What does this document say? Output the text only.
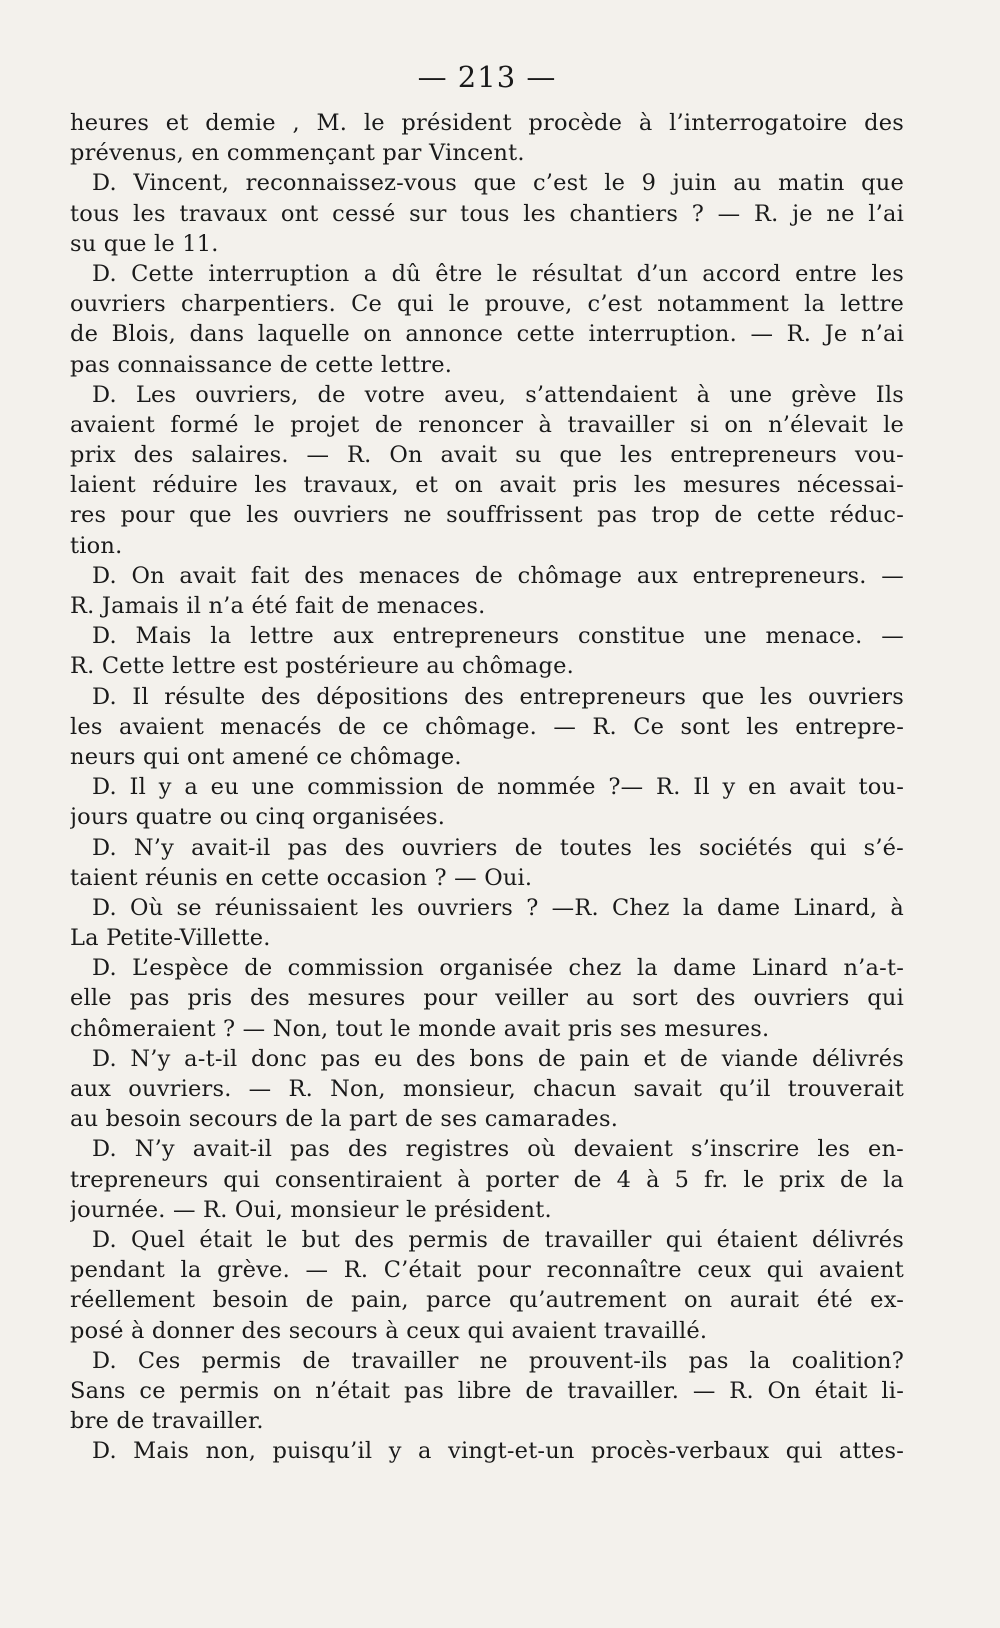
— 213 —
heures et demie , M. le président procède à l’interrogatoire des
prévenus, en commençant par Vincent.
D. Vincent, reconnaissez-vous que c’est le 9 juin au matin que
tous les travaux ont cessé sur tous les chantiers ? — R. je ne l’ai
su que le 11.
D. Cette interruption a dû être le résultat d’un accord entre les
ouvriers charpentiers. Ce qui le prouve, c’est notamment la lettre
de Blois, dans laquelle on annonce cette interruption. — R. Je n’ai
pas connaissance de cette lettre.
D. Les ouvriers, de votre aveu, s’attendaient à une grève Ils
avaient formé le projet de renoncer à travailler si on n’élevait le
prix des salaires. — R. On avait su que les entrepreneurs vou-
laient réduire les travaux, et on avait pris les mesures nécessai-
res pour que les ouvriers ne souffrissent pas trop de cette réduc-
tion.
D. On avait fait des menaces de chômage aux entrepreneurs. —
R. Jamais il n’a été fait de menaces.
D. Mais la lettre aux entrepreneurs constitue une menace. —
R. Cette lettre est postérieure au chômage.
D. Il résulte des dépositions des entrepreneurs que les ouvriers
les avaient menacés de ce chômage. — R. Ce sont les entrepre-
neurs qui ont amené ce chômage.
D. Il y a eu une commission de nommée ?— R. Il y en avait tou-
jours quatre ou cinq organisées.
D. N’y avait-il pas des ouvriers de toutes les sociétés qui s’é-
taient réunis en cette occasion ? — Oui.
D. Où se réunissaient les ouvriers ? —R. Chez la dame Linard, à
La Petite-Villette.
D. L’espèce de commission organisée chez la dame Linard n’a-t-
elle pas pris des mesures pour veiller au sort des ouvriers qui
chômeraient ? — Non, tout le monde avait pris ses mesures.
D. N’y a-t-il donc pas eu des bons de pain et de viande délivrés
aux ouvriers. — R. Non, monsieur, chacun savait qu’il trouverait
au besoin secours de la part de ses camarades.
D. N’y avait-il pas des registres où devaient s’inscrire les en-
trepreneurs qui consentiraient à porter de 4 à 5 fr. le prix de la
journée. — R. Oui, monsieur le président.
D. Quel était le but des permis de travailler qui étaient délivrés
pendant la grève. — R. C’était pour reconnaître ceux qui avaient
réellement besoin de pain, parce qu’autrement on aurait été ex-
posé à donner des secours à ceux qui avaient travaillé.
D. Ces permis de travailler ne prouvent-ils pas la coalition?
Sans ce permis on n’était pas libre de travailler. — R. On était li-
bre de travailler.
D. Mais non, puisqu’il y a vingt-et-un procès-verbaux qui attes-
